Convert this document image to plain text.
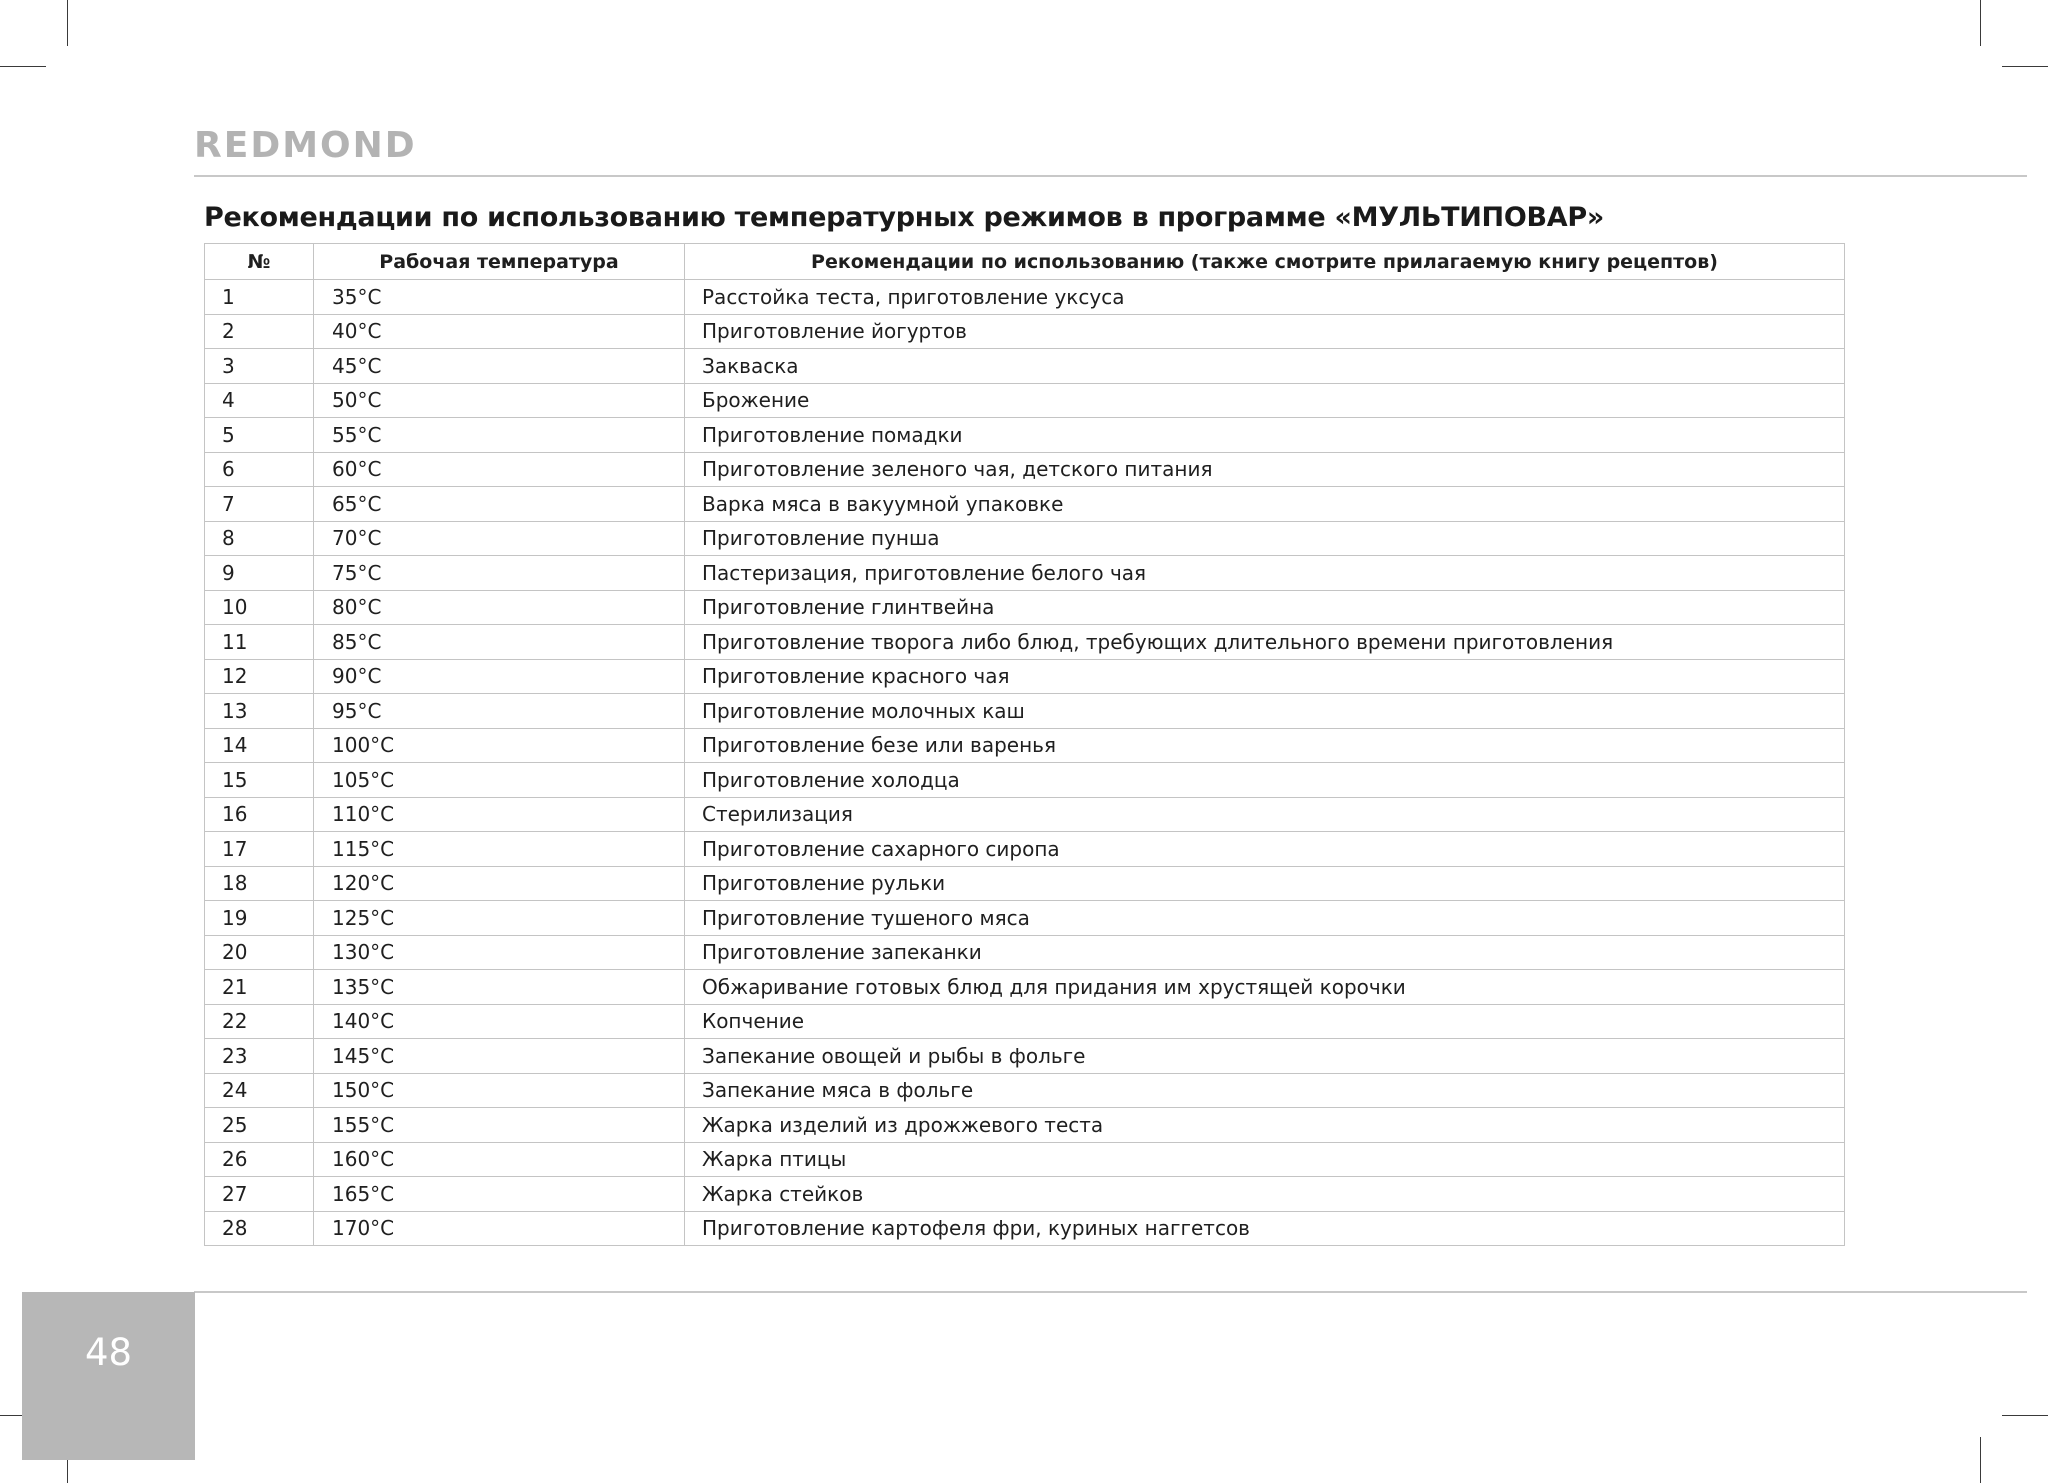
REDMOND
Рекомендации по использованию температурных режимов в программе «МУЛЬТИПОВАР»
№	Рабочая температура	Рекомендации по использованию (также смотрите прилагаемую книгу рецептов)
1	35°C	Расстойка теста, приготовление уксуса
2	40°C	Приготовление йогуртов
3	45°C	Закваска
4	50°C	Брожение
5	55°C	Приготовление помадки
6	60°C	Приготовление зеленого чая, детского питания
7	65°C	Варка мяса в вакуумной упаковке
8	70°C	Приготовление пунша
9	75°C	Пастеризация, приготовление белого чая
10	80°C	Приготовление глинтвейна
11	85°C	Приготовление творога либо блюд, требующих длительного времени приготовления
12	90°C	Приготовление красного чая
13	95°C	Приготовление молочных каш
14	100°C	Приготовление безе или варенья
15	105°C	Приготовление холодца
16	110°C	Стерилизация
17	115°C	Приготовление сахарного сиропа
18	120°C	Приготовление рульки
19	125°C	Приготовление тушеного мяса
20	130°C	Приготовление запеканки
21	135°C	Обжаривание готовых блюд для придания им хрустящей корочки
22	140°C	Копчение
23	145°C	Запекание овощей и рыбы в фольге
24	150°C	Запекание мяса в фольге
25	155°C	Жарка изделий из дрожжевого теста
26	160°C	Жарка птицы
27	165°C	Жарка стейков
28	170°C	Приготовление картофеля фри, куриных наггетсов
48
